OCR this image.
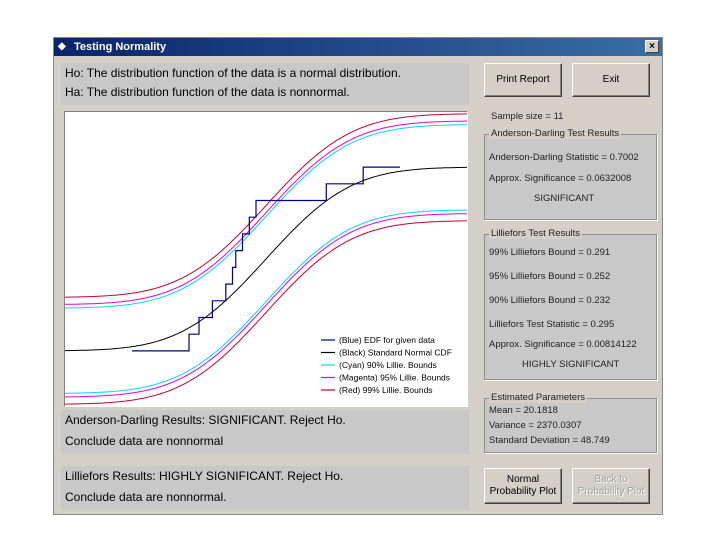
◆ Testing Normality	×
Ho: The distribution function of the data is a normal distribution.
Ha: The distribution function of the data is nonnormal.
Print Report	Exit
Sample size = 11
Anderson-Darling Test Results
Anderson-Darling Statistic = 0.7002
Approx. Significance = 0.0632008
SIGNIFICANT
Lilliefors Test Results
99% Lilliefors Bound = 0.291
95% Lilliefors Bound = 0.252
90% Lilliefors Bound = 0.232
Lilliefors Test Statistic = 0.295
Approx. Significance = 0.00814122
HIGHLY SIGNIFICANT
Estimated Parameters
Mean = 20.1818
Variance = 2370.0307
Standard Deviation = 48.749
Normal
Probability Plot
Back to
Probability Plot
(Blue) EDF for given data
(Black) Standard Normal CDF
(Cyan) 90% Lillie. Bounds
(Magenta) 95% Lillie. Bounds
(Red) 99% Lillie. Bounds
Anderson-Darling Results: SIGNIFICANT. Reject Ho.
Conclude data are nonnormal
Lilliefors Results: HIGHLY SIGNIFICANT. Reject Ho.
Conclude data are nonnormal.
